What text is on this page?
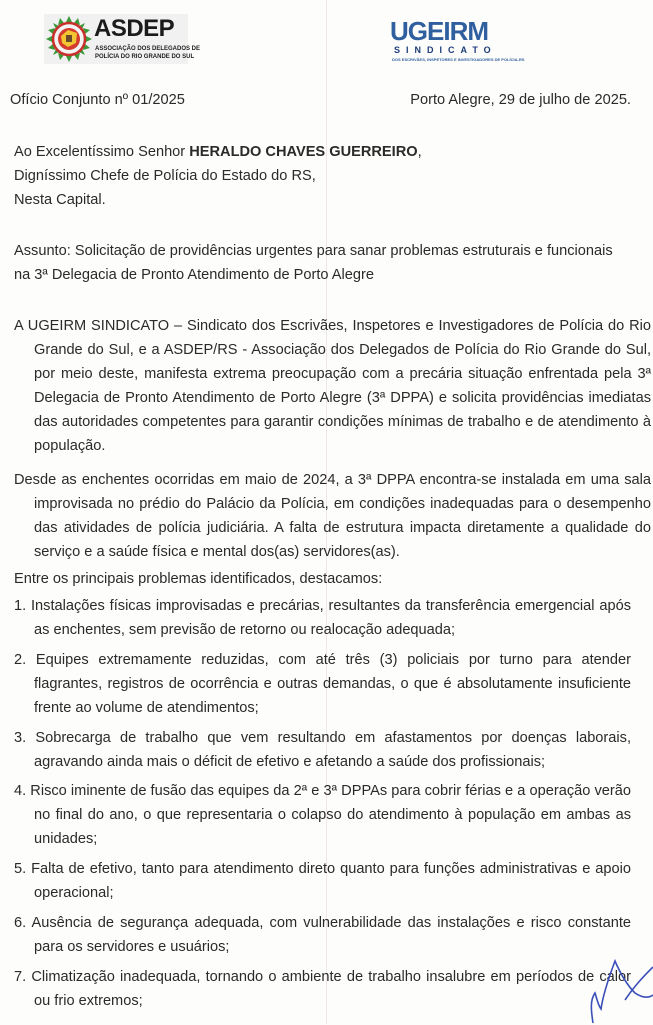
ASDEP
ASSOCIAÇÃO DOS DELEGADOS DE
POLÍCIA DO RIO GRANDE DO SUL
UGEIRM
SINDICATO
DOS ESCRIVÃES, INSPETORES E INVESTIGADORES DE POLÍCIA-RS
Ofício Conjunto nº 01/2025	Porto Alegre, 29 de julho de 2025.
Ao Excelentíssimo Senhor HERALDO CHAVES GUERREIRO,
Digníssimo Chefe de Polícia do Estado do RS,
Nesta Capital.
Assunto: Solicitação de providências urgentes para sanar problemas estruturais e funcionais
na 3ª Delegacia de Pronto Atendimento de Porto Alegre
A UGEIRM SINDICATO – Sindicato dos Escrivães, Inspetores e Investigadores de Polícia do Rio Grande do Sul, e a ASDEP/RS - Associação dos Delegados de Polícia do Rio Grande do Sul, por meio deste, manifesta extrema preocupação com a precária situação enfrentada pela 3ª Delegacia de Pronto Atendimento de Porto Alegre (3ª DPPA) e solicita providências imediatas das autoridades competentes para garantir condições mínimas de trabalho e de atendimento à população.
Desde as enchentes ocorridas em maio de 2024, a 3ª DPPA encontra-se instalada em uma sala improvisada no prédio do Palácio da Polícia, em condições inadequadas para o desempenho das atividades de polícia judiciária. A falta de estrutura impacta diretamente a qualidade do serviço e a saúde física e mental dos(as) servidores(as).
Entre os principais problemas identificados, destacamos:
1. Instalações físicas improvisadas e precárias, resultantes da transferência emergencial após as enchentes, sem previsão de retorno ou realocação adequada;
2. Equipes extremamente reduzidas, com até três (3) policiais por turno para atender flagrantes, registros de ocorrência e outras demandas, o que é absolutamente insuficiente frente ao volume de atendimentos;
3. Sobrecarga de trabalho que vem resultando em afastamentos por doenças laborais, agravando ainda mais o déficit de efetivo e afetando a saúde dos profissionais;
4. Risco iminente de fusão das equipes da 2ª e 3ª DPPAs para cobrir férias e a operação verão no final do ano, o que representaria o colapso do atendimento à população em ambas as unidades;
5. Falta de efetivo, tanto para atendimento direto quanto para funções administrativas e apoio operacional;
6. Ausência de segurança adequada, com vulnerabilidade das instalações e risco constante para os servidores e usuários;
7. Climatização inadequada, tornando o ambiente de trabalho insalubre em períodos de calor ou frio extremos;
